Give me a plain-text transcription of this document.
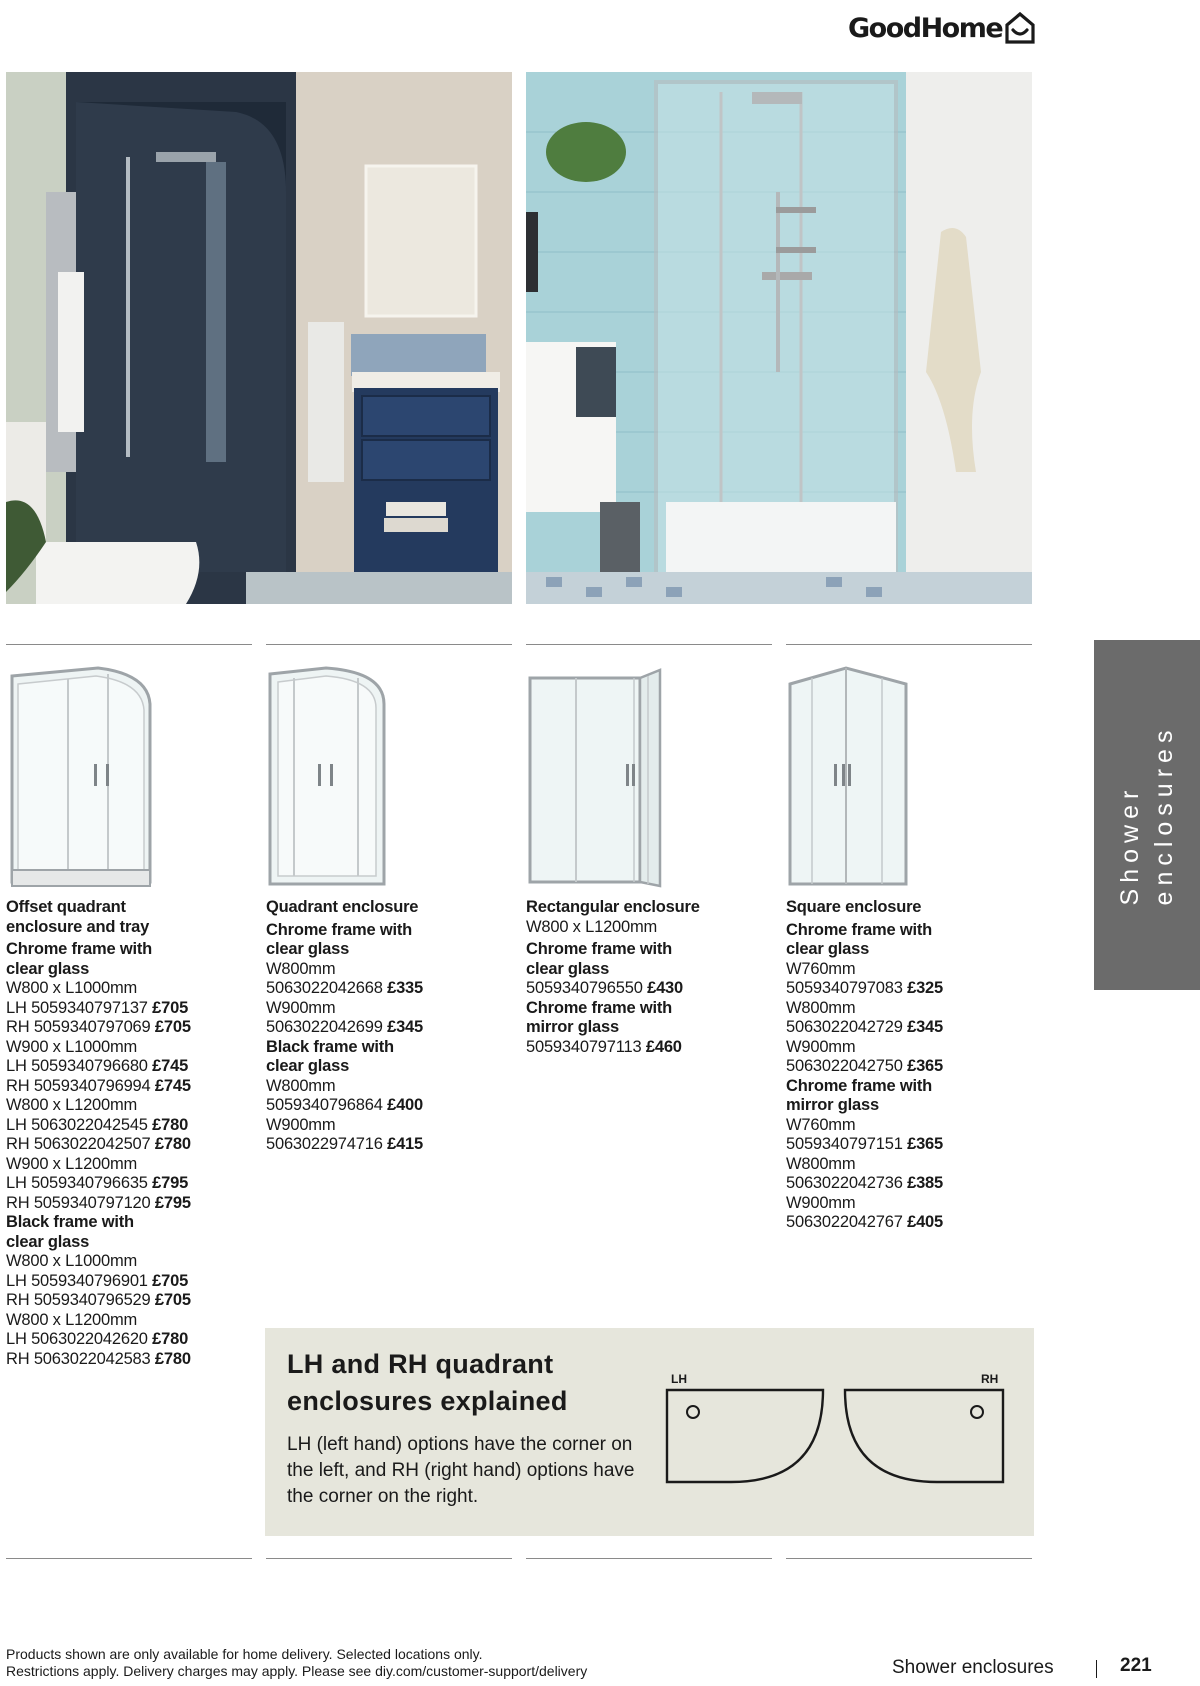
GoodHome
Offset quadrant
enclosure and tray
Chrome frame with
clear glass
W800 x L1000mm
LH 5059340797137 £705
RH 5059340797069 £705
W900 x L1000mm
LH 5059340796680 £745
RH 5059340796994 £745
W800 x L1200mm
LH 5063022042545 £780
RH 5063022042507 £780
W900 x L1200mm
LH 5059340796635 £795
RH 5059340797120 £795
Black frame with
clear glass
W800 x L1000mm
LH 5059340796901 £705
RH 5059340796529 £705
W800 x L1200mm
LH 5063022042620 £780
RH 5063022042583 £780
Quadrant enclosure
Chrome frame with
clear glass
W800mm
5063022042668 £335
W900mm
5063022042699 £345
Black frame with
clear glass
W800mm
5059340796864 £400
W900mm
5063022974716 £415
Rectangular enclosure
W800 x L1200mm
Chrome frame with
clear glass
5059340796550 £430
Chrome frame with
mirror glass
5059340797113 £460
Square enclosure
Chrome frame with
clear glass
W760mm
5059340797083 £325
W800mm
5063022042729 £345
W900mm
5063022042750 £365
Chrome frame with
mirror glass
W760mm
5059340797151 £365
W800mm
5063022042736 £385
W900mm
5063022042767 £405
Shower enclosures
LH and RH quadrant enclosures explained
LH (left hand) options have the corner on the left, and RH (right hand) options have the corner on the right.
LH	RH
Products shown are only available for home delivery. Selected locations only.
Restrictions apply. Delivery charges may apply. Please see diy.com/customer-support/delivery	Shower enclosures	221
